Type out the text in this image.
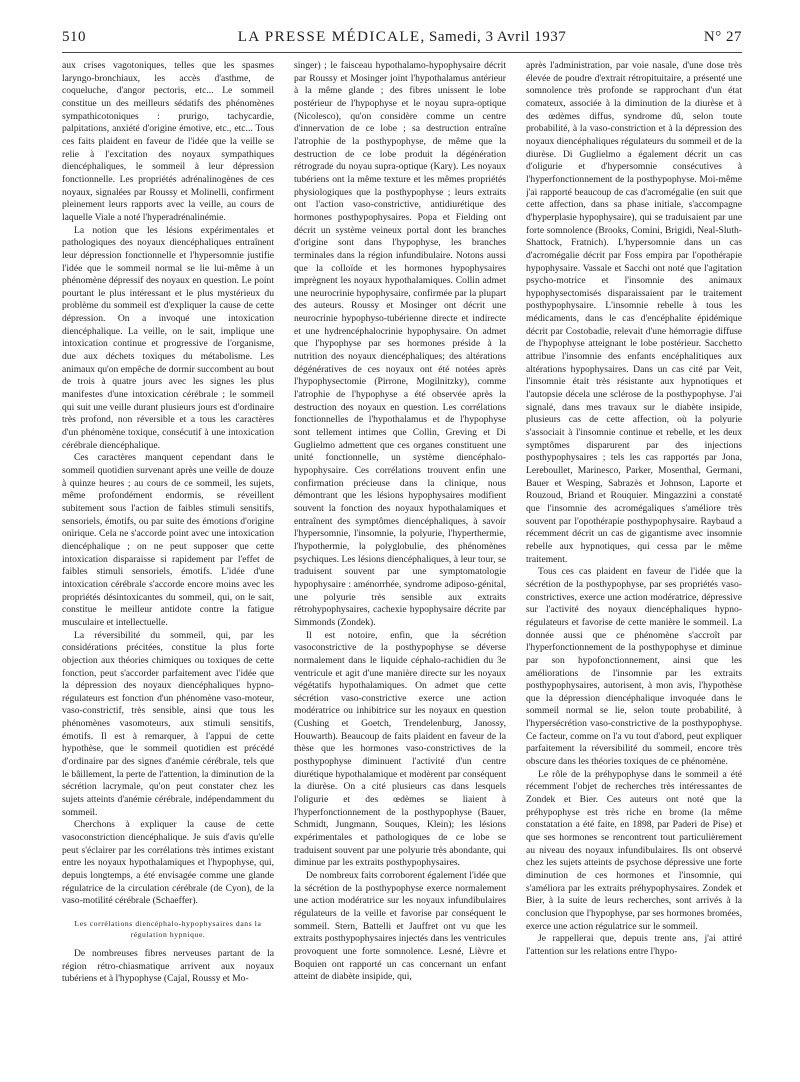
510	LA PRESSE MÉDICALE, Samedi, 3 Avril 1937	N° 27

aux crises vagotoniques, telles que les spasmes laryngo-bronchiaux, les accès d'asthme, de coqueluche, d'angor pectoris, etc... Le sommeil constitue un des meilleurs sédatifs des phénomènes sympathicotoniques : prurigo, tachycardie, palpitations, anxiété d'origine émotive, etc., etc... Tous ces faits plaident en faveur de l'idée que la veille se relie à l'excitation des noyaux sympathiques diencéphaliques, le sommeil à leur dépression fonctionnelle. Les propriétés adrénalinogènes de ces noyaux, signalées par Roussy et Molinelli, confirment pleinement leurs rapports avec la veille, au cours de laquelle Viale a noté l'hyperadrénalinémie.

La notion que les lésions expérimentales et pathologiques des noyaux diencéphaliques entraînent leur dépression fonctionnelle et l'hypersomnie justifie l'idée que le sommeil normal se lie lui-même à un phénomène dépressif des noyaux en question. Le point pourtant le plus intéressant et le plus mystérieux du problème du sommeil est d'expliquer la cause de cette dépression. On a invoqué une intoxication diencéphalique. La veille, on le sait, implique une intoxication continue et progressive de l'organisme, due aux déchets toxiques du métabolisme. Les animaux qu'on empêche de dormir succombent au bout de trois à quatre jours avec les signes les plus manifestes d'une intoxication cérébrale ; le sommeil qui suit une veille durant plusieurs jours est d'ordinaire très profond, non réversible et a tous les caractères d'un phénomène toxique, consécutif à une intoxication cérébrale diencéphalique.

Ces caractères manquent cependant dans le sommeil quotidien survenant après une veille de douze à quinze heures ; au cours de ce sommeil, les sujets, même profondément endormis, se réveillent subitement sous l'action de faibles stimuli sensitifs, sensoriels, émotifs, ou par suite des émotions d'origine onirique. Cela ne s'accorde point avec une intoxication diencéphalique ; on ne peut supposer que cette intoxication disparaisse si rapidement par l'effet de faibles stimuli sensoriels, émotifs. L'idée d'une intoxication cérébrale s'accorde encore moins avec les propriétés désintoxicantes du sommeil, qui, on le sait, constitue le meilleur antidote contre la fatigue musculaire et intellectuelle.

La réversibilité du sommeil, qui, par les considérations précitées, constitue la plus forte objection aux théories chimiques ou toxiques de cette fonction, peut s'accorder parfaitement avec l'idée que la dépression des noyaux diencéphaliques hypno-régulateurs est fonction d'un phénomène vaso-moteur, vaso-constrictif, très sensible, ainsi que tous les phénomènes vasomoteurs, aux stimuli sensitifs, émotifs. Il est à remarquer, à l'appui de cette hypothèse, que le sommeil quotidien est précédé d'ordinaire par des signes d'anémie cérébrale, tels que le bâillement, la perte de l'attention, la diminution de la sécrétion lacrymale, qu'on peut constater chez les sujets atteints d'anémie cérébrale, indépendamment du sommeil.

Cherchons à expliquer la cause de cette vasoconstriction diencéphalique. Je suis d'avis qu'elle peut s'éclairer par les corrélations très intimes existant entre les noyaux hypothalamiques et l'hypophyse, qui, depuis longtemps, a été envisagée comme une glande régulatrice de la circulation cérébrale (de Cyon), de la vaso-motilité cérébrale (Schaeffer).

Les corrélations diencéphalo-hypophysaires dans la régulation hypnique.

De nombreuses fibres nerveuses partant de la région rétro-chiasmatique arrivent aux noyaux tubériens et à l'hypophyse (Cajal, Roussy et Mo-

singer) ; le faisceau hypothalamo-hypophysaire décrit par Roussy et Mosinger joint l'hypothalamus antérieur à la même glande ; des fibres unissent le lobe postérieur de l'hypophyse et le noyau supra-optique (Nicolesco), qu'on considère comme un centre d'innervation de ce lobe ; sa destruction entraîne l'atrophie de la posthypophyse, de même que la destruction de ce lobe produit la dégénération rétrograde du noyau supra-optique (Kary). Les noyaux tubériens ont la même texture et les mêmes propriétés physiologiques que la posthypophyse ; leurs extraits ont l'action vaso-constrictive, antidiurétique des hormones posthypophysaires. Popa et Fielding ont décrit un système veineux portal dont les branches d'origine sont dans l'hypophyse, les branches terminales dans la région infundibulaire. Notons aussi que la colloïde et les hormones hypophysaires imprègnent les noyaux hypothalamiques. Collin admet une neurocrinie hypophysaire, confirmée par la plupart des auteurs. Roussy et Mosinger ont décrit une neurocrinie hypophyso-tubérienne directe et indirecte et une hydrencéphalocrinie hypophysaire. On admet que l'hypophyse par ses hormones préside à la nutrition des noyaux diencéphaliques; des altérations dégénératives de ces noyaux ont été notées après l'hypophysectomie (Pirrone, Mogilnitzky), comme l'atrophie de l'hypophyse a été observée après la destruction des noyaux en question. Les corrélations fonctionnelles de l'hypothalamus et de l'hypophyse sont tellement intimes que Collin, Greving et Di Guglielmo admettent que ces organes constituent une unité fonctionnelle, un système diencéphalo-hypophysaire. Ces corrélations trouvent enfin une confirmation précieuse dans la clinique, nous démontrant que les lésions hypophysaires modifient souvent la fonction des noyaux hypothalamiques et entraînent des symptômes diencéphaliques, à savoir l'hypersomnie, l'insomnie, la polyurie, l'hyperthermie, l'hypothermie, la polyglobulie, des phénomènes psychiques. Les lésions diencéphaliques, à leur tour, se traduisent souvent par une symptomatologie hypophysaire : aménorrhée, syndrome adiposo-génital, une polyurie très sensible aux extraits rétrohypophysaires, cachexie hypophysaire décrite par Simmonds (Zondek).

Il est notoire, enfin, que la sécrétion vasoconstrictive de la posthypophyse se déverse normalement dans le liquide céphalo-rachidien du 3e ventricule et agit d'une manière directe sur les noyaux végétatifs hypothalamiques. On admet que cette sécrétion vaso-constrictive exerce une action modératrice ou inhibitrice sur les noyaux en question (Cushing et Goetch, Trendelenburg, Janossy, Houwarth). Beaucoup de faits plaident en faveur de la thèse que les hormones vaso-constrictives de la posthypophyse diminuent l'activité d'un centre diurétique hypothalamique et modèrent par conséquent la diurèse. On a cité plusieurs cas dans lesquels l'oligurie et des œdèmes se liaient à l'hyperfonctionnement de la posthypophyse (Bauer, Schmidt, Jungmann, Souques, Klein); les lésions expérimentales et pathologiques de ce lobe se traduisent souvent par une polyurie très abondante, qui diminue par les extraits posthypophysaires.

De nombreux faits corroborent également l'idée que la sécrétion de la posthypophyse exerce normalement une action modératrice sur les noyaux infundibulaires régulateurs de la veille et favorise par conséquent le sommeil. Stern, Battelli et Jauffret ont vu que les extraits posthypophysaires injectés dans les ventricules provoquent une forte somnolence. Lesné, Lièvre et Boquien ont rapporté un cas concernant un enfant atteint de diabète insipide, qui,

après l'administration, par voie nasale, d'une dose très élevée de poudre d'extrait rétropituitaire, a présenté une somnolence très profonde se rapprochant d'un état comateux, associée à la diminution de la diurèse et à des œdèmes diffus, syndrome dû, selon toute probabilité, à la vaso-constriction et à la dépression des noyaux diencéphaliques régulateurs du sommeil et de la diurèse. Di Guglielmo a également décrit un cas d'oligurie et d'hypersomnie consécutives à l'hyperfonctionnement de la posthypophyse. Moi-même j'ai rapporté beaucoup de cas d'acromégalie (en suit que cette affection, dans sa phase initiale, s'accompagne d'hyperplasie hypophysaire), qui se traduisaient par une forte somnolence (Brooks, Comini, Brigidi, Neal-Sluth-Shattock, Fratnich). L'hypersomnie dans un cas d'acromégalie décrit par Foss empira par l'opothérapie hypophysaire. Vassale et Sacchi ont noté que l'agitation psycho-motrice et l'insomnie des animaux hypophysectomisés disparaissaient par le traitement posthypophysaire. L'insomnie rebelle à tous les médicaments, dans le cas d'encéphalite épidémique décrit par Costobadie, relevait d'une hémorragie diffuse de l'hypophyse atteignant le lobe postérieur. Sacchetto attribue l'insomnie des enfants encéphalitiques aux altérations hypophysaires. Dans un cas cité par Veit, l'insomnie était très résistante aux hypnotiques et l'autopsie décela une sclérose de la posthypophyse. J'ai signalé, dans mes travaux sur le diabète insipide, plusieurs cas de cette affection, où la polyurie s'associait à l'insomnie continue et rebelle, et les deux symptômes disparurent par des injections posthypophysaires ; tels les cas rapportés par Jona, Lereboullet, Marinesco, Parker, Mosenthal, Germani, Bauer et Wesping, Sabrazès et Johnson, Laporte et Rouzoud, Briand et Rouquier. Mingazzini a constaté que l'insomnie des acromégaliques s'améliore très souvent par l'opothérapie posthypophysaire. Raybaud a récemment décrit un cas de gigantisme avec insomnie rebelle aux hypnotiques, qui cessa par le même traitement.

Tous ces cas plaident en faveur de l'idée que la sécrétion de la posthypophyse, par ses propriétés vaso-constrictives, exerce une action modératrice, dépressive sur l'activité des noyaux diencéphaliques hypno-régulateurs et favorise de cette manière le sommeil. La donnée aussi que ce phénomène s'accroît par l'hyperfonctionnement de la posthypophyse et diminue par son hypofonctionnement, ainsi que les améliorations de l'insomnie par les extraits posthypophysaires, autorisent, à mon avis, l'hypothèse que la dépression diencéphalique invoquée dans le sommeil normal se lie, selon toute probabilité, à l'hypersécrétion vaso-constrictive de la posthypophyse. Ce facteur, comme on l'a vu tout d'abord, peut expliquer parfaitement la réversibilité du sommeil, encore très obscure dans les théories toxiques de ce phénomène.

Le rôle de la préhypophyse dans le sommeil a été récemment l'objet de recherches très intéressantes de Zondek et Bier. Ces auteurs ont noté que la préhypophyse est très riche en brome (la même constatation a été faite, en 1898, par Paderi de Pise) et que ses hormones se rencontrent tout particulièrement au niveau des noyaux infundibulaires. Ils ont observé chez les sujets atteints de psychose dépressive une forte diminution de ces hormones et l'insomnie, qui s'améliora par les extraits préhypophysaires. Zondek et Bier, à la suite de leurs recherches, sont arrivés à la conclusion que l'hypophyse, par ses hormones bromées, exerce une action régulatrice sur le sommeil.

Je rappellerai que, depuis trente ans, j'ai attiré l'attention sur les relations entre l'hypo-
